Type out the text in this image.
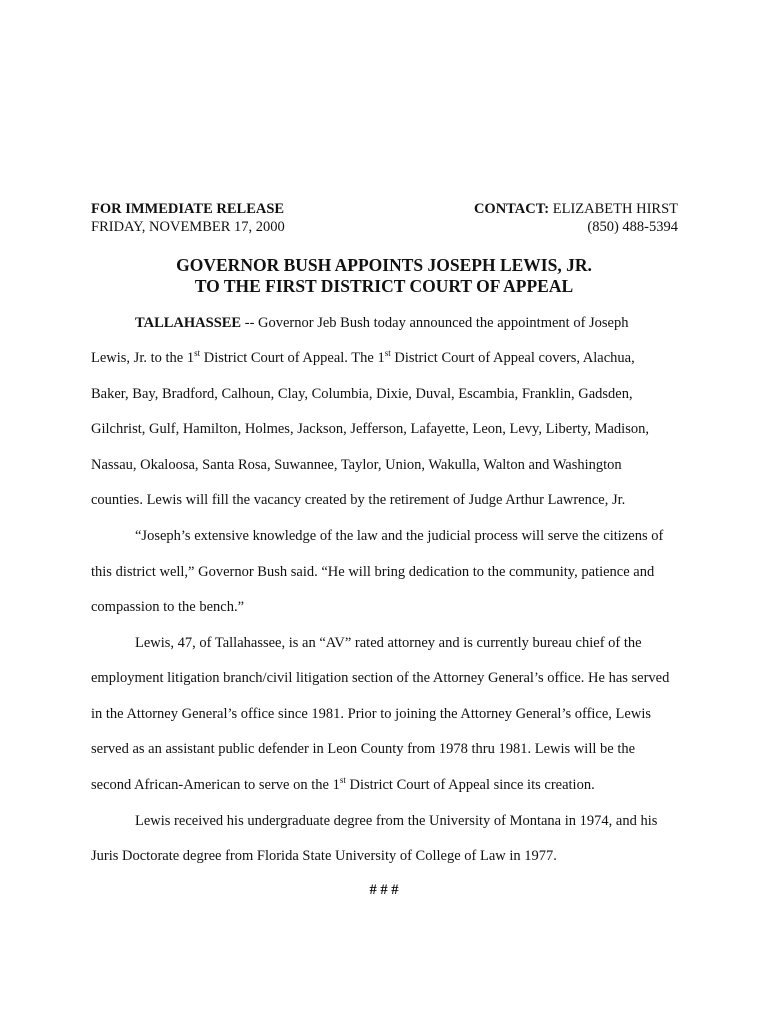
FOR IMMEDIATE RELEASE	CONTACT: ELIZABETH HIRST
FRIDAY, NOVEMBER 17, 2000	(850) 488-5394
GOVERNOR BUSH APPOINTS JOSEPH LEWIS, JR.
TO THE FIRST DISTRICT COURT OF APPEAL
TALLAHASSEE -- Governor Jeb Bush today announced the appointment of Joseph
Lewis, Jr. to the 1st District Court of Appeal. The 1st District Court of Appeal covers, Alachua,
Baker, Bay, Bradford, Calhoun, Clay, Columbia, Dixie, Duval, Escambia, Franklin, Gadsden,
Gilchrist, Gulf, Hamilton, Holmes, Jackson, Jefferson, Lafayette, Leon, Levy, Liberty, Madison,
Nassau, Okaloosa, Santa Rosa, Suwannee, Taylor, Union, Wakulla, Walton and Washington
counties. Lewis will fill the vacancy created by the retirement of Judge Arthur Lawrence, Jr.
“Joseph’s extensive knowledge of the law and the judicial process will serve the citizens of
this district well,” Governor Bush said. “He will bring dedication to the community, patience and
compassion to the bench.”
Lewis, 47, of Tallahassee, is an “AV” rated attorney and is currently bureau chief of the
employment litigation branch/civil litigation section of the Attorney General’s office. He has served
in the Attorney General’s office since 1981. Prior to joining the Attorney General’s office, Lewis
served as an assistant public defender in Leon County from 1978 thru 1981. Lewis will be the
second African-American to serve on the 1st District Court of Appeal since its creation.
Lewis received his undergraduate degree from the University of Montana in 1974, and his
Juris Doctorate degree from Florida State University of College of Law in 1977.
# # #
